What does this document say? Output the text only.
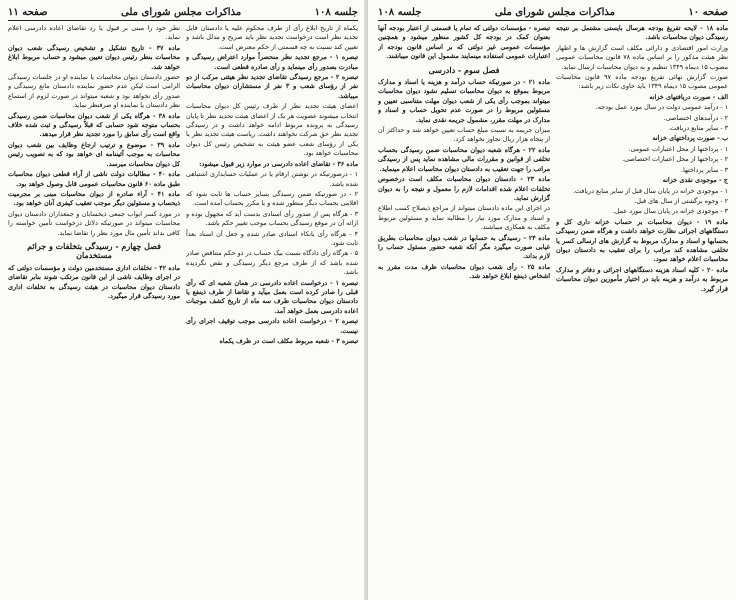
جلسه ۱۰۸
مذاکرات مجلس شورای ملی
صفحه ۱۱

یکماه از تاریخ ابلاغ رأی از طرف محکوم علیه یا دادستان قابل تجدید نظر است درخواست تجدید نظر باید صریح و مدلل باشد و تعیین کند نسبت به چه قسمتی از حکم معترض است.

تبصره ۱ - مرجع تجدید نظر منحصراً موارد اعتراض رسیدگی و مبادرت بصدور رأی مینماید و رأی صادره قطعی است.

تبصره ۲ - مرجع رسیدگی تقاضای تجدید نظر هیئتی مرکب از دو نفر از رؤسای شعب و ۳ نفر از مستشاران دیوان محاسبات میباشد.

اعضای هیئت تجدید نظر از طرف رئیس کل دیوان محاسبات انتخاب میشوند عضویت هر یک از اعضای هیئت تجدید نظر تا پایان رسیدگی به پرونده مربوط ادامه خواهد داشت و در رسیدگی تجدید نظر حق شرکت نخواهند داشت. ریاست هیئت تجدید نظر با یکی از رؤسای شعب عضو هیئت به تشخیص رئیس کل دیوان محاسبات خواهد بود.

ماده ۳۶ - تقاضای اعاده دادرسی در موارد زیر قبول میشود:

۱ - درصورتیکه در نوشتن ارقام یا در عملیات حسابداری اشتباهی شده باشد.

۲ - در صورتیکه ضمن رسیدگی بسایر حساب ها ثابت شود که اقلامی بحساب دیگر منظور شده و یا مکرر بحساب آمده است.

۳ - هرگاه پس از صدور رأی اسنادی بدست آید که مجهول بوده و ارائه آن در موقع رسیدگی بحساب موجب تغییر حکم باشد.

۴ - هرگاه رأی بانکاء اسنادی صادر شده و جعل آن اسناد بعداً ثابت شود.

۵ - هرگاه رأی دادگاه نسبت بیک حساب در دو حکم متناقض صادر شده باشد که از طرف مرجع دیگر رسیدگی و نقض نگردیده باشد.

تبصره ۱ - درخواست اعاده دادرسی در همان شعبه ای که رأی قبلی را صادر کرده است بعمل میآید و تقاضا از طرف ذینفع یا دادستان دیوان محاسبات ظرف سه ماه از تاریخ کشف موجبات اعاده دادرسی بعمل خواهد آمد.

تبصره ۲ - درخواست اعاده دادرسی موجب توقیف اجرای رأی نیست.

تبصره ۳ - شعبه مربوط مکلف است در ظرف یکماه

نظر خود را مبنی بر قبول یا رد تقاضای اعاده دادرسی اعلام نماید.

ماده ۳۷ - تاریخ تشکیل و تشخیص رسیدگی شعب دیوان محاسبات بنظر رئیس دیوان تعیین میشود و حساب مربوط ابلاغ خواهد شد.

حضور دادستان دیوان محاسبات یا نماینده او در جلسات رسیدگی الزامی است لیکن عدم حضور نماینده دادستان مانع رسیدگی و صدور رأی نخواهد بود و شعبه میتواند در صورت لزوم از استماع نظر دادستان یا نماینده او صرفنظر نماید.

ماده ۳۸ - هرگاه یکی از شعب دیوان محاسبات ضمن رسیدگی بحساب متوجه شود حسابی که قبلاً رسیدگی و ثبت شده خلاف واقع است رأی سابق را مورد تجدید نظر قرار میدهد.

ماده ۳۹ - موضوع و ترتیب ارجاع وظایف بین شعب دیوان محاسبات به موجب آئیننامه ای خواهد بود که به تصویب رئیس کل دیوان محاسبات میرسد.

ماده ۴۰ - مطالبات دولت ناشی از آراء قطعی دیوان محاسبات طبق ماده ۶۰ قانون محاسبات عمومی قابل وصول خواهد بود.

ماده ۴۱ - آراء صادره از دیوان محاسبات مبنی بر مجرمیت ذیحساب و مسئولین دیگر موجب تعقیب کیفری آنان خواهد بود.

در مورد کسر ابواب جمعی ذیحسابان و جمعداران دادستان دیوان محاسبات میتواند در صورتیکه دلائل درخواست تأمین خواسته را کافی بداند تأمین مال مورد نظر را تقاضا نماید.

فصل چهارم - رسیدگی بتخلفات و جرائم مستخدمان

ماده ۴۲ - تخلفات اداری مستخدمین دولت و مؤسسات دولتی که در اجرای وظایف ناشی از این قانون مرتکب شوند بنابر تقاضای دادستان دیوان محاسبات در هیئت رسیدگی به تخلفات اداری مورد رسیدگی قرار میگیرد.

صفحه ۱۰
مذاکرات مجلس شورای ملی
جلسه ۱۰۸

ماده ۱۸ - لایحه تفریغ بودجه هرسال بایستی مشتمل بر نتیجه رسیدگی دیوان محاسبات باشد.

وزارت امور اقتصادی و دارائی مکلف است گزارش ها و اظهار نظر هیئت مذکور را بر اساس ماده ۷۸ قانون محاسبات عمومی مصوب ۱۵ دیماه ۱۳۴۹ تنظیم و به دیوان محاسبات ارسال نماید.

صورت گزارش نهائی تفریغ بودجه ماده ۹۷ قانون محاسبات عمومی مصوب ۱۵ دیماه ۱۳۴۹ باید حاوی نکات زیر باشد:

الف - صورت دریافتهای خزانه

۱ - درآمد عمومی دولت در سال مورد عمل بودجه.

۲ - درآمدهای اختصاصی.

۳ - سایر منابع دریافت.

ب - صورت پرداختهای خزانه

۱ - پرداختها از محل اعتبارات عمومی.

۲ - پرداختها از محل اعتبارات اختصاصی.

۳ - سایر پرداختها.

ج - موجودی نقدی خزانه

۱ - موجودی خزانه در پایان سال قبل از سایر منابع دریافت.

۲ - وجوه برگشتی از سال های قبل.

۳ - موجودی خزانه در پایان سال مورد عمل.

ماده ۱۹ - دیوان محاسبات بر حساب خزانه داری کل و دستگاههای اجرائی نظارت خواهد داشت و هرگاه ضمن رسیدگی بحسابها و اسناد و مدارک مربوط به گزارش های ارسالی کسر یا تخلفی مشاهده کند مراتب را برای تعقیب به دادستان دیوان محاسبات اعلام خواهد نمود.

ماده ۲۰ - کلیه اسناد هزینه دستگاههای اجرائی و دفاتر و مدارک مربوط به درآمد و هزینه باید در اختیار مأمورین دیوان محاسبات قرار گیرد.

تبصره - مؤسسات دولتی که تمام یا قسمتی از اعتبار بودجه آنها بعنوان کمک در بودجه کل کشور منظور میشود و همچنین مؤسسات عمومی غیر دولتی که بر اساس قانون بودجه از اعتبارات عمومی استفاده مینمایند مشمول این قانون میباشند.

فصل سوم - دادرسی

ماده ۲۱ - در صورتیکه حساب درآمد و هزینه یا اسناد و مدارک مربوط بموقع به دیوان محاسبات تسلیم نشود دیوان محاسبات میتواند بموجب رأی یکی از شعب دیوان مهلت متناسبی تعیین و مسئولین مربوط را در صورت عدم تحویل حساب و اسناد و مدارک در مهلت مقرر، مشمول جریمه نقدی نماید.

میزان جریمه به نسبت مبلغ حساب تعیین خواهد شد و حداکثر آن از پنجاه هزار ریال تجاوز نخواهد کرد.

ماده ۲۲ - هرگاه شعبه دیوان محاسبات ضمن رسیدگی بحساب تخلفی از قوانین و مقررات مالی مشاهده نماید پس از رسیدگی مراتب را جهت تعقیب به دادستان دیوان محاسبات اعلام مینماید.

ماده ۲۳ - دادستان دیوان محاسبات مکلف است درخصوص تخلفات اعلام شده اقدامات لازم را معمول و نتیجه را به دیوان گزارش نماید.

در اجرای این ماده دادستان میتواند از مراجع ذیصلاح کسب اطلاع و اسناد و مدارک مورد نیاز را مطالبه نماید و مسئولین مربوط مکلف به همکاری میباشند.

ماده ۲۴ - رسیدگی به حسابها در شعب دیوان محاسبات بطریق غیابی صورت میگیرد مگر آنکه شعبه حضور مسئول حساب را لازم بداند.

ماده ۲۵ - رأی شعب دیوان محاسبات ظرف مدت مقرر به اشخاص ذینفع ابلاغ خواهد شد.
